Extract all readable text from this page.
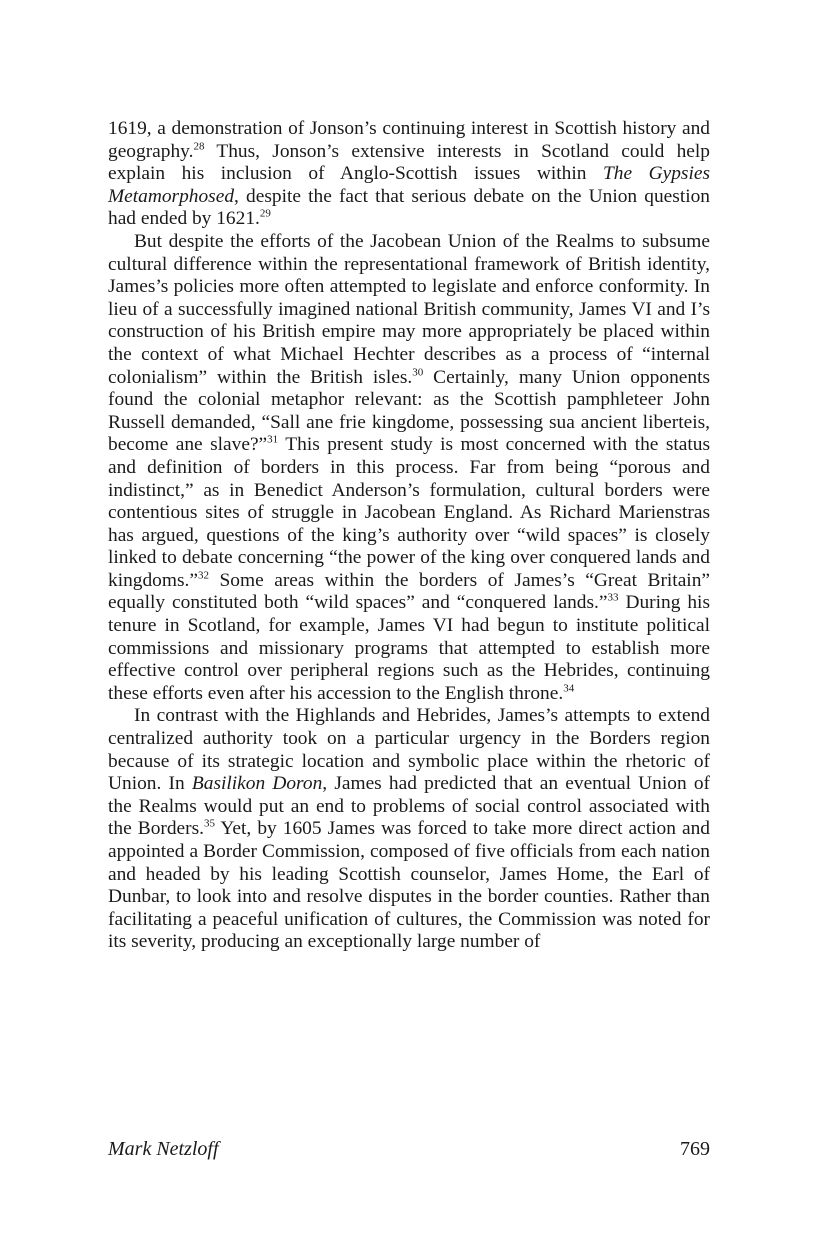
1619, a demonstration of Jonson’s continuing interest in Scottish history and geography.$^{28}$ Thus, Jonson’s extensive interests in Scotland could help explain his inclusion of Anglo-Scottish issues within The Gypsies Metamorphosed, despite the fact that serious debate on the Union question had ended by 1621.29

But despite the efforts of the Jacobean Union of the Realms to subsume cultural difference within the representational framework of British identity, James’s policies more often attempted to legislate and enforce conformity. In lieu of a successfully imagined national British community, James VI and I’s construction of his British empire may more appropriately be placed within the context of what Michael Hechter describes as a process of “internal colonialism” within the British isles.$^{30}$ Certainly, many Union opponents found the colonial metaphor relevant: as the Scottish pamphleteer John Russell demanded, “Sall ane frie kingdome, possessing sua ancient liberteis, become ane slave?”$^{31}$ This present study is most concerned with the status and definition of borders in this process. Far from being “porous and indistinct,” as in Benedict Anderson’s formulation, cultural borders were contentious sites of struggle in Jacobean England. As Richard Marienstras has argued, questions of the king’s authority over “wild spaces” is closely linked to debate concerning “the power of the king over conquered lands and kingdoms.”$^{32}$ Some areas within the borders of James’s “Great Britain” equally constituted both “wild spaces” and “conquered lands.”$^{33}$ During his tenure in Scotland, for example, James VI had begun to institute political commissions and missionary programs that attempted to establish more effective control over peripheral regions such as the Hebrides, continuing these efforts even after his accession to the English throne.$^{34}$

In contrast with the Highlands and Hebrides, James’s attempts to extend centralized authority took on a particular urgency in the Borders region because of its strategic location and symbolic place within the rhetoric of Union. In Basilikon Doron, James had predicted that an eventual Union of the Realms would put an end to problems of social control associated with the Borders.$^{35}$ Yet, by 1605 James was forced to take more direct action and appointed a Border Commission, composed of five officials from each nation and headed by his leading Scottish counselor, James Home, the Earl of Dunbar, to look into and resolve disputes in the border counties. Rather than facilitating a peaceful unification of cultures, the Commission was noted for its severity, producing an exceptionally large number of

Mark Netzloff	769
